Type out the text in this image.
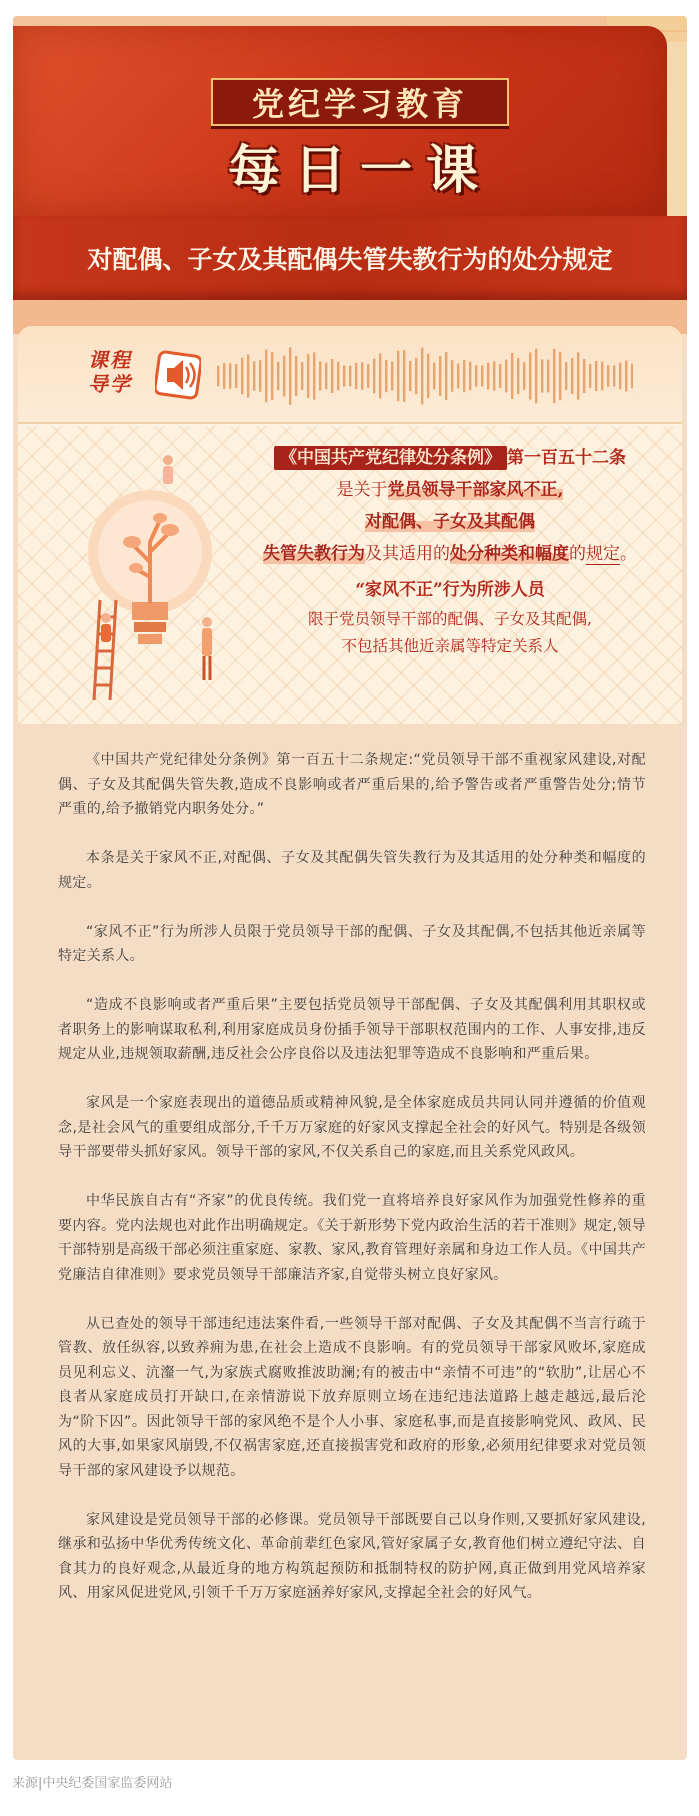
党纪学习教育
每日一课
对配偶、子女及其配偶失管失教行为的处分规定
课程
导学
《中国共产党纪律处分条例》 第一百五十二条
是关于党员领导干部家风不正,
对配偶、子女及其配偶
失管失教行为及其适用的处分种类和幅度的规定。
“家风不正”行为所涉人员
限于党员领导干部的配偶、子女及其配偶,
不包括其他近亲属等特定关系人

《中国共产党纪律处分条例》第一百五十二条规定:“党员领导干部不重视家风建设,对配偶、子女及其配偶失管失教,造成不良影响或者严重后果的,给予警告或者严重警告处分;情节严重的,给予撤销党内职务处分。”

本条是关于家风不正,对配偶、子女及其配偶失管失教行为及其适用的处分种类和幅度的规定。

“家风不正”行为所涉人员限于党员领导干部的配偶、子女及其配偶,不包括其他近亲属等特定关系人。

“造成不良影响或者严重后果”主要包括党员领导干部配偶、子女及其配偶利用其职权或者职务上的影响谋取私利,利用家庭成员身份插手领导干部职权范围内的工作、人事安排,违反规定从业,违规领取薪酬,违反社会公序良俗以及违法犯罪等造成不良影响和严重后果。

家风是一个家庭表现出的道德品质或精神风貌,是全体家庭成员共同认同并遵循的价值观念,是社会风气的重要组成部分,千千万万家庭的好家风支撑起全社会的好风气。特别是各级领导干部要带头抓好家风。领导干部的家风,不仅关系自己的家庭,而且关系党风政风。

中华民族自古有“齐家”的优良传统。我们党一直将培养良好家风作为加强党性修养的重要内容。党内法规也对此作出明确规定。《关于新形势下党内政治生活的若干准则》规定,领导干部特别是高级干部必须注重家庭、家教、家风,教育管理好亲属和身边工作人员。《中国共产党廉洁自律准则》要求党员领导干部廉洁齐家,自觉带头树立良好家风。

从已查处的领导干部违纪违法案件看,一些领导干部对配偶、子女及其配偶不当言行疏于管教、放任纵容,以致养痈为患,在社会上造成不良影响。有的党员领导干部家风败坏,家庭成员见利忘义、沆瀣一气,为家族式腐败推波助澜;有的被击中“亲情不可违”的“软肋”,让居心不良者从家庭成员打开缺口,在亲情游说下放弃原则立场在违纪违法道路上越走越远,最后沦为“阶下囚”。因此领导干部的家风绝不是个人小事、家庭私事,而是直接影响党风、政风、民风的大事,如果家风崩毁,不仅祸害家庭,还直接损害党和政府的形象,必须用纪律要求对党员领导干部的家风建设予以规范。

家风建设是党员领导干部的必修课。党员领导干部既要自己以身作则,又要抓好家风建设,继承和弘扬中华优秀传统文化、革命前辈红色家风,管好家属子女,教育他们树立遵纪守法、自食其力的良好观念,从最近身的地方构筑起预防和抵制特权的防护网,真正做到用党风培养家风、用家风促进党风,引领千千万万家庭涵养好家风,支撑起全社会的好风气。

来源|中央纪委国家监委网站
